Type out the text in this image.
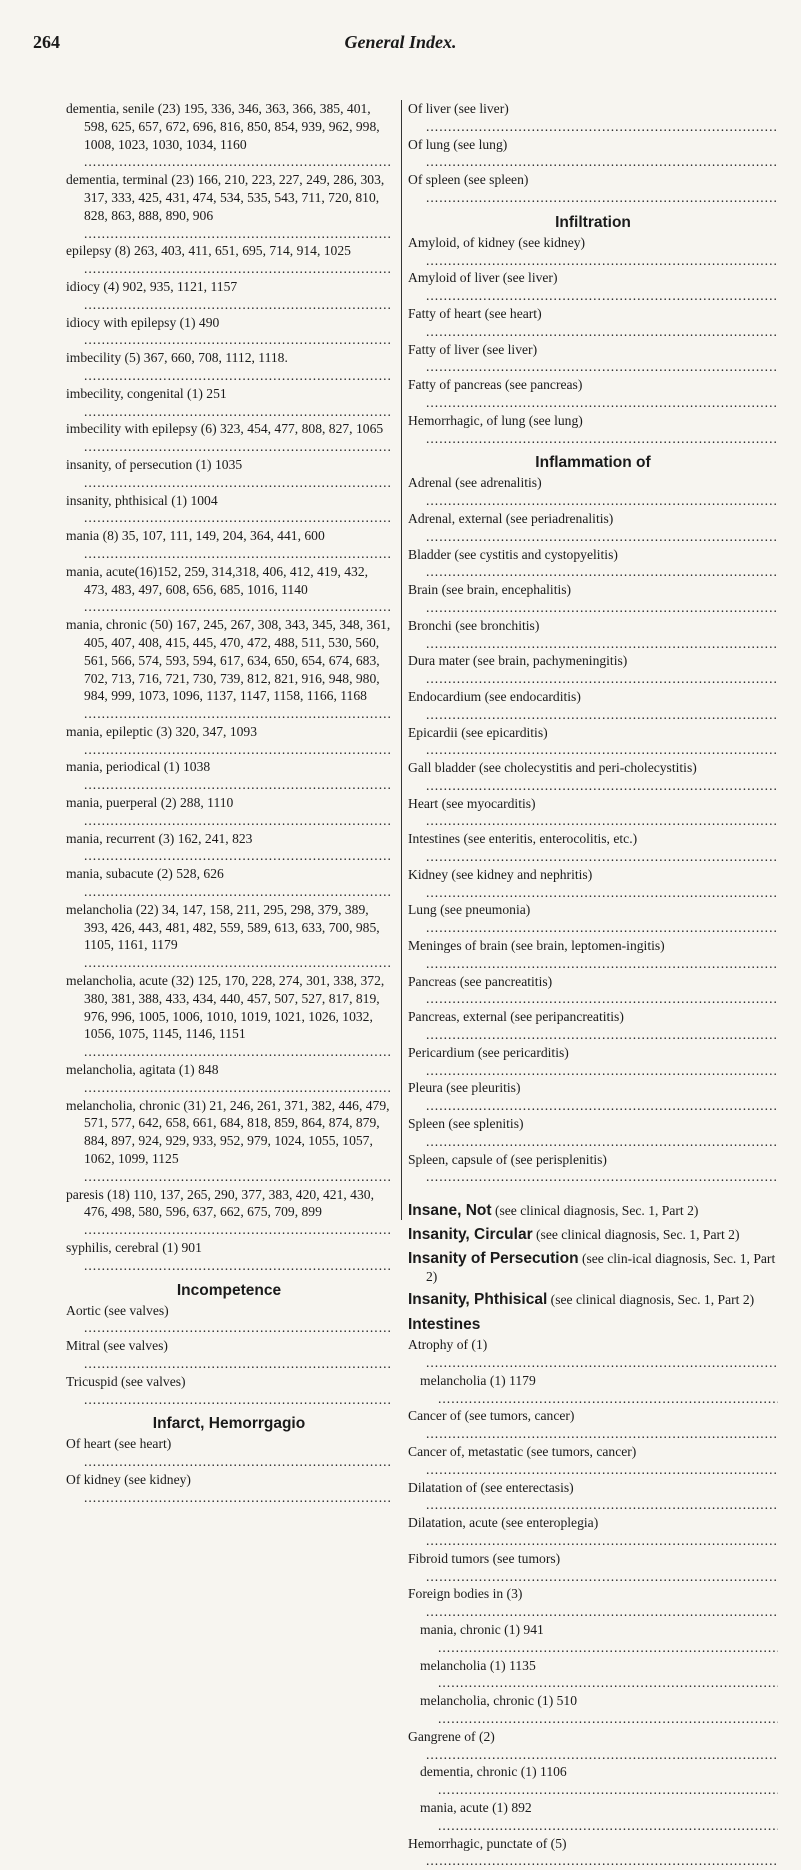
264	General Index.
dementia, senile (23) 195, 336, 346, 363, 366, 385, 401, 598, 625, 657, 672, 696, 816, 850, 854, 939, 962, 998, 1008, 1023, 1030, 1034, 1160 .....
dementia, terminal (23) 166, 210, 223, 227, 249, 286, 303, 317, 333, 425, 431, 474, 534, 535, 543, 711, 720, 810, 828, 863, 888, 890, 906 .....
epilepsy (8) 263, 403, 411, 651, 695, 714, 914, 1025 .....
idiocy (4) 902, 935, 1121, 1157 .....
idiocy with epilepsy (1) 490 .....
imbecility (5) 367, 660, 708, 1112, 1118. .....
imbecility, congenital (1) 251 .....
imbecility with epilepsy (6) 323, 454, 477, 808, 827, 1065 .....
insanity, of persecution (1) 1035 .....
insanity, phthisical (1) 1004 .....
mania (8) 35, 107, 111, 149, 204, 364, 441, 600 .....
mania, acute(16)152, 259, 314,318, 406, 412, 419, 432, 473, 483, 497, 608, 656, 685, 1016, 1140 .....
mania, chronic (50) 167, 245, 267, 308, 343, 345, 348, 361, 405, 407, 408, 415, 445, 470, 472, 488, 511, 530, 560, 561, 566, 574, 593, 594, 617, 634, 650, 654, 674, 683, 702, 713, 716, 721, 730, 739, 812, 821, 916, 948, 980, 984, 999, 1073, 1096, 1137, 1147, 1158, 1166, 1168 .....
mania, epileptic (3) 320, 347, 1093 .....
mania, periodical (1) 1038 .....
mania, puerperal (2) 288, 1110 .....
mania, recurrent (3) 162, 241, 823 .....
mania, subacute (2) 528, 626 .....
melancholia (22) 34, 147, 158, 211, 295, 298, 379, 389, 393, 426, 443, 481, 482, 559, 589, 613, 633, 700, 985, 1105, 1161, 1179 .....
melancholia, acute (32) 125, 170, 228, 274, 301, 338, 372, 380, 381, 388, 433, 434, 440, 457, 507, 527, 817, 819, 976, 996, 1005, 1006, 1010, 1019, 1021, 1026, 1032, 1056, 1075, 1145, 1146, 1151 .....
melancholia, agitata (1) 848 .....
melancholia, chronic (31) 21, 246, 261, 371, 382, 446, 479, 571, 577, 642, 658, 661, 684, 818, 859, 864, 874, 879, 884, 897, 924, 929, 933, 952, 979, 1024, 1055, 1057, 1062, 1099, 1125 .....
paresis (18) 110, 137, 265, 290, 377, 383, 420, 421, 430, 476, 498, 580, 596, 637, 662, 675, 709, 899 .....
syphilis, cerebral (1) 901 .....
Incompetence
Aortic (see valves) .....
Mitral (see valves) .....
Tricuspid (see valves) .....
Infarct, Hemorrgagio
Of heart (see heart) .....
Of kidney (see kidney) .....
Of liver (see liver) .....
Of lung (see lung) .....
Of spleen (see spleen) .....
Infiltration
Amyloid, of kidney (see kidney) .....
Amyloid of liver (see liver) .....
Fatty of heart (see heart) .....
Fatty of liver (see liver) .....
Fatty of pancreas (see pancreas) .....
Hemorrhagic, of lung (see lung) .....
Inflammation of
Adrenal (see adrenalitis) .....
Adrenal, external (see periadrenalitis) .....
Bladder (see cystitis and cystopyelitis) .....
Brain (see brain, encephalitis) .....
Bronchi (see bronchitis) .....
Dura mater (see brain, pachymeningitis) .....
Endocardium (see endocarditis) .....
Epicardii (see epicarditis) .....
Gall bladder (see cholecystitis and peri-cholecystitis) .....
Heart (see myocarditis) .....
Intestines (see enteritis, enterocolitis, etc.) .....
Kidney (see kidney and nephritis) .....
Lung (see pneumonia) .....
Meninges of brain (see brain, leptomen-ingitis) .....
Pancreas (see pancreatitis) .....
Pancreas, external (see peripancreatitis) .....
Pericardium (see pericarditis) .....
Pleura (see pleuritis) .....
Spleen (see splenitis) .....
Spleen, capsule of (see perisplenitis) .....
Insane, Not (see clinical diagnosis, Sec. 1, Part 2)
Insanity, Circular (see clinical diagnosis, Sec. 1, Part 2)
Insanity of Persecution (see clin-ical diagnosis, Sec. 1, Part 2)
Insanity, Phthisical (see clinical diagnosis, Sec. 1, Part 2)
Intestines
Atrophy of (1) .....
melancholia (1) 1179 .....
Cancer of (see tumors, cancer) .....
Cancer of, metastatic (see tumors, cancer) .....
Dilatation of (see enterectasis) .....
Dilatation, acute (see enteroplegia) .....
Fibroid tumors (see tumors) .....
Foreign bodies in (3) .....
mania, chronic (1) 941 .....
melancholia (1) 1135 .....
melancholia, chronic (1) 510 .....
Gangrene of (2) .....
dementia, chronic (1) 1106 .....
mania, acute (1) 892 .....
Hemorrhagic, punctate of (5) .....
